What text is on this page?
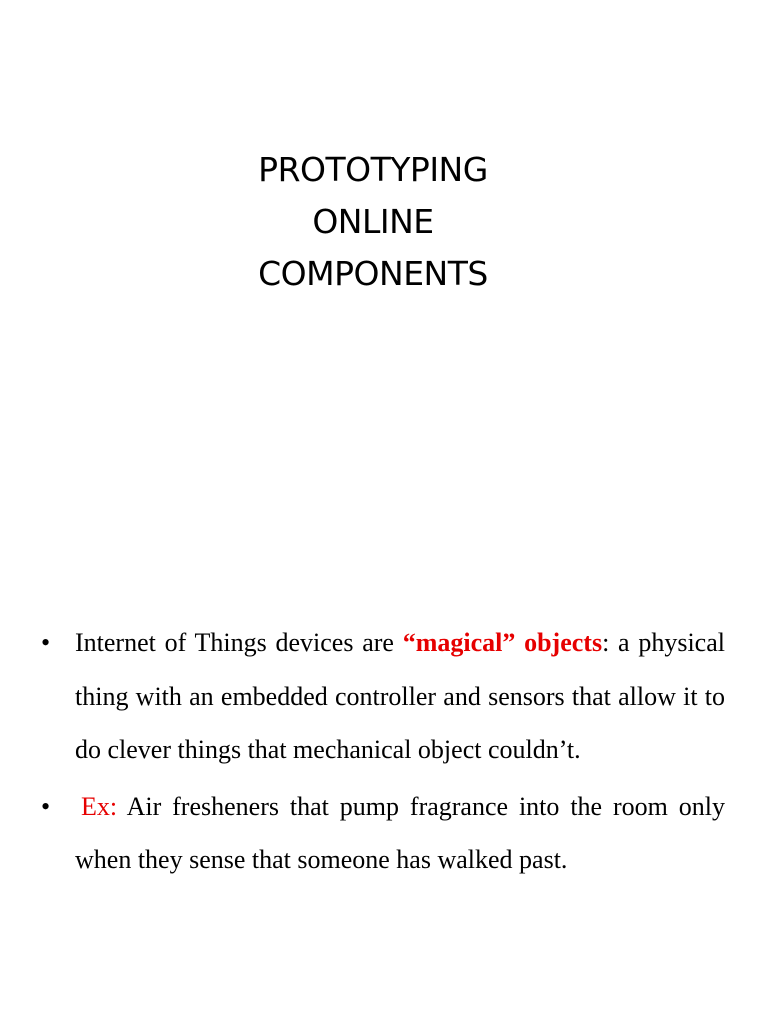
PROTOTYPING
ONLINE
COMPONENTS
• Internet of Things devices are “magical” objects: a physical thing with an embedded controller and sensors that allow it to do clever things that mechanical object couldn’t.
• Ex: Air fresheners that pump fragrance into the room only when they sense that someone has walked past.
